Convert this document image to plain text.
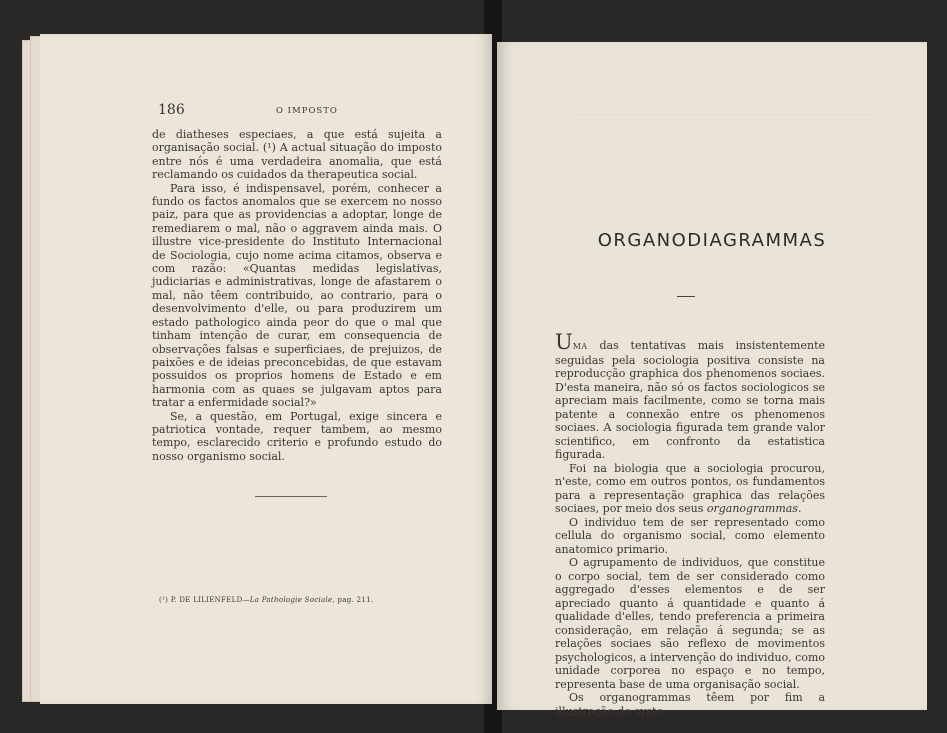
186	O IMPOSTO

de diatheses especiaes, a que está sujeita a organisação social. (¹) A actual situação do imposto entre nós é uma verdadeira anomalia, que está reclamando os cuidados da therapeutica social.

Para isso, é indispensavel, porém, conhecer a fundo os factos anomalos que se exercem no nosso paiz, para que as providencias a adoptar, longe de remediarem o mal, não o aggravem ainda mais. O illustre vice-presidente do Instituto Internacional de Sociologia, cujo nome acima citamos, observa e com razão: «Quantas medidas legislativas, judiciarias e administrativas, longe de afastarem o mal, não têem contribuido, ao contrario, para o desenvolvimento d'elle, ou para produzirem um estado pathologico ainda peor do que o mal que tinham intenção de curar, em consequencia de observações falsas e superficiaes, de prejuizos, de paixões e de ideias preconcebidas, de que estavam possuidos os proprios homens de Estado e em harmonia com as quaes se julgavam aptos para tratar a enfermidade social?»

Se, a questão, em Portugal, exige sincera e patriotica vontade, requer tambem, ao mesmo tempo, esclarecido criterio e profundo estudo do nosso organismo social.

(¹) P. DE LILIENFELD—La Pathologie Sociale, pag. 211.
ORGANODIAGRAMMAS

UMA das tentativas mais insistentemente seguidas pela sociologia positiva consiste na reproducção graphica dos phenomenos sociaes. D'esta maneira, não só os factos sociologicos se apreciam mais facilmente, como se torna mais patente a connexão entre os phenomenos sociaes. A sociologia figurada tem grande valor scientifico, em confronto da estatistica figurada.

Foi na biologia que a sociologia procurou, n'este, como em outros pontos, os fundamentos para a representação graphica das relações sociaes, por meio dos seus organogrammas.

O individuo tem de ser representado como cellula do organismo social, como elemento anatomico primario.

O agrupamento de individuos, que constitue o corpo social, tem de ser considerado como aggregado d'esses elementos e de ser apreciado quanto á quantidade e quanto á qualidade d'elles, tendo preferencia a primeira consideração, em relação á segunda; se as relações sociaes são reflexo de movimentos psychologicos, a intervenção do individuo, como unidade corporea no espaço e no tempo, representa base de uma organisação social.

Os organogrammas têem por fim a illustração do syste-
